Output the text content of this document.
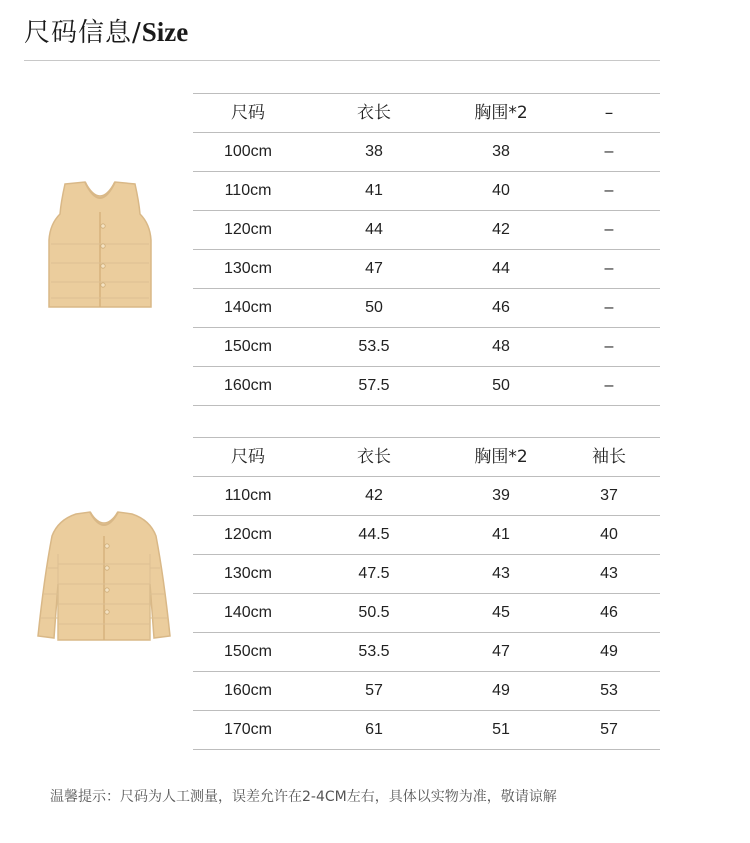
尺码信息/Size
尺码	衣长	胸围*2	–
100cm	38	38	–
110cm	41	40	–
120cm	44	42	–
130cm	47	44	–
140cm	50	46	–
150cm	53.5	48	–
160cm	57.5	50	–
尺码	衣长	胸围*2	袖长
110cm	42	39	37
120cm	44.5	41	40
130cm	47.5	43	43
140cm	50.5	45	46
150cm	53.5	47	49
160cm	57	49	53
170cm	61	51	57
温馨提示：尺码为人工测量，误差允许在2-4CM左右，具体以实物为准，敬请谅解
